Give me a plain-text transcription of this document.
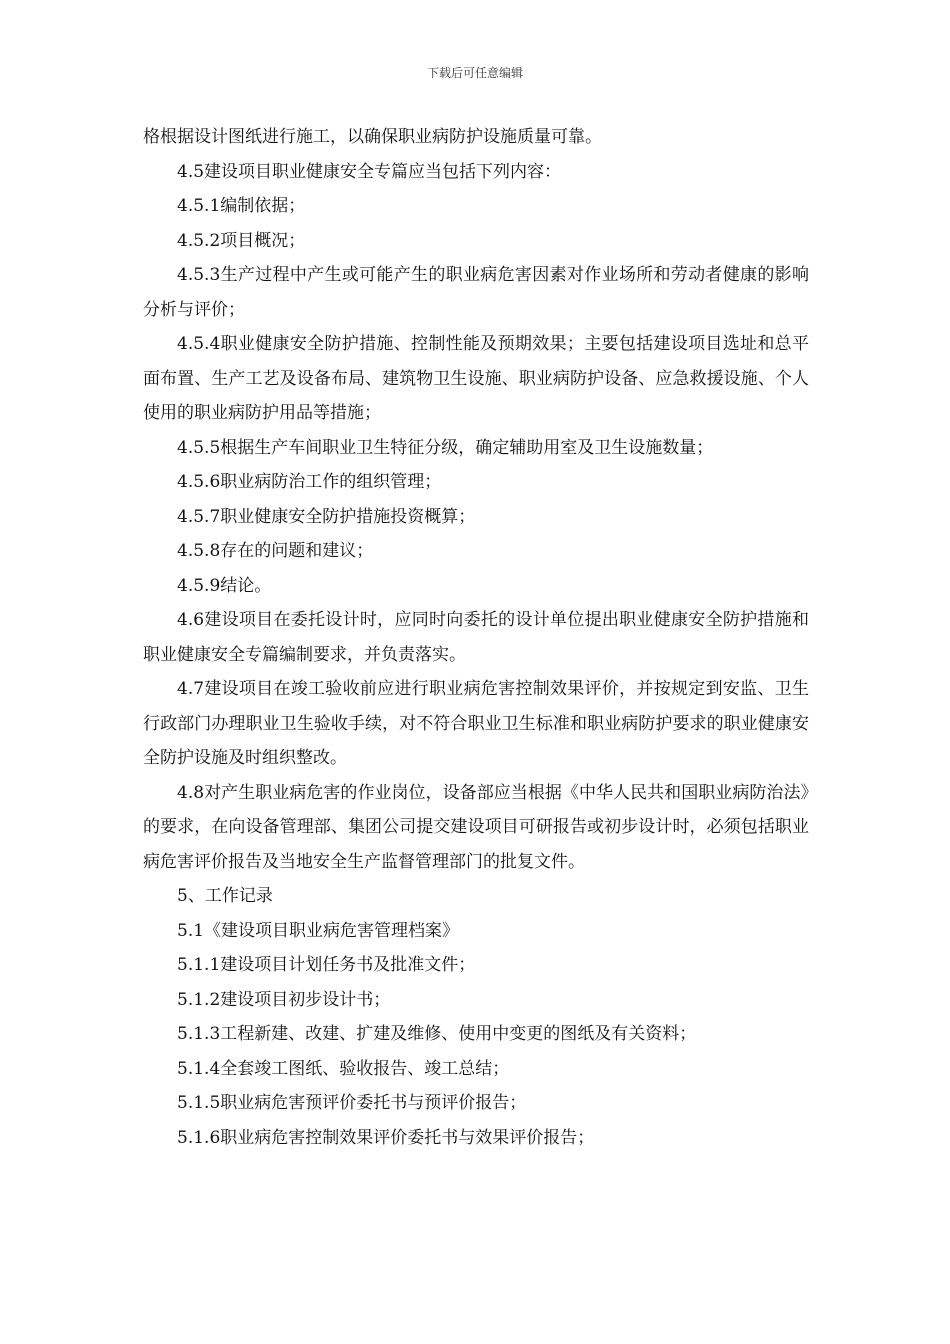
下载后可任意编辑

格根据设计图纸进行施工，以确保职业病防护设施质量可靠。

4.5建设项目职业健康安全专篇应当包括下列内容：

4.5.1编制依据；

4.5.2项目概况；

4.5.3生产过程中产生或可能产生的职业病危害因素对作业场所和劳动者健康的影响分析与评价；

4.5.4职业健康安全防护措施、控制性能及预期效果；主要包括建设项目选址和总平面布置、生产工艺及设备布局、建筑物卫生设施、职业病防护设备、应急救援设施、个人使用的职业病防护用品等措施；

4.5.5根据生产车间职业卫生特征分级，确定辅助用室及卫生设施数量；

4.5.6职业病防治工作的组织管理；

4.5.7职业健康安全防护措施投资概算；

4.5.8存在的问题和建议；

4.5.9结论。

4.6建设项目在委托设计时，应同时向委托的设计单位提出职业健康安全防护措施和职业健康安全专篇编制要求，并负责落实。

4.7建设项目在竣工验收前应进行职业病危害控制效果评价，并按规定到安监、卫生行政部门办理职业卫生验收手续，对不符合职业卫生标准和职业病防护要求的职业健康安全防护设施及时组织整改。

4.8对产生职业病危害的作业岗位，设备部应当根据《中华人民共和国职业病防治法》的要求，在向设备管理部、集团公司提交建设项目可研报告或初步设计时，必须包括职业病危害评价报告及当地安全生产监督管理部门的批复文件。

5、工作记录

5.1《建设项目职业病危害管理档案》

5.1.1建设项目计划任务书及批准文件；

5.1.2建设项目初步设计书；

5.1.3工程新建、改建、扩建及维修、使用中变更的图纸及有关资料；

5.1.4全套竣工图纸、验收报告、竣工总结；

5.1.5职业病危害预评价委托书与预评价报告；

5.1.6职业病危害控制效果评价委托书与效果评价报告；
